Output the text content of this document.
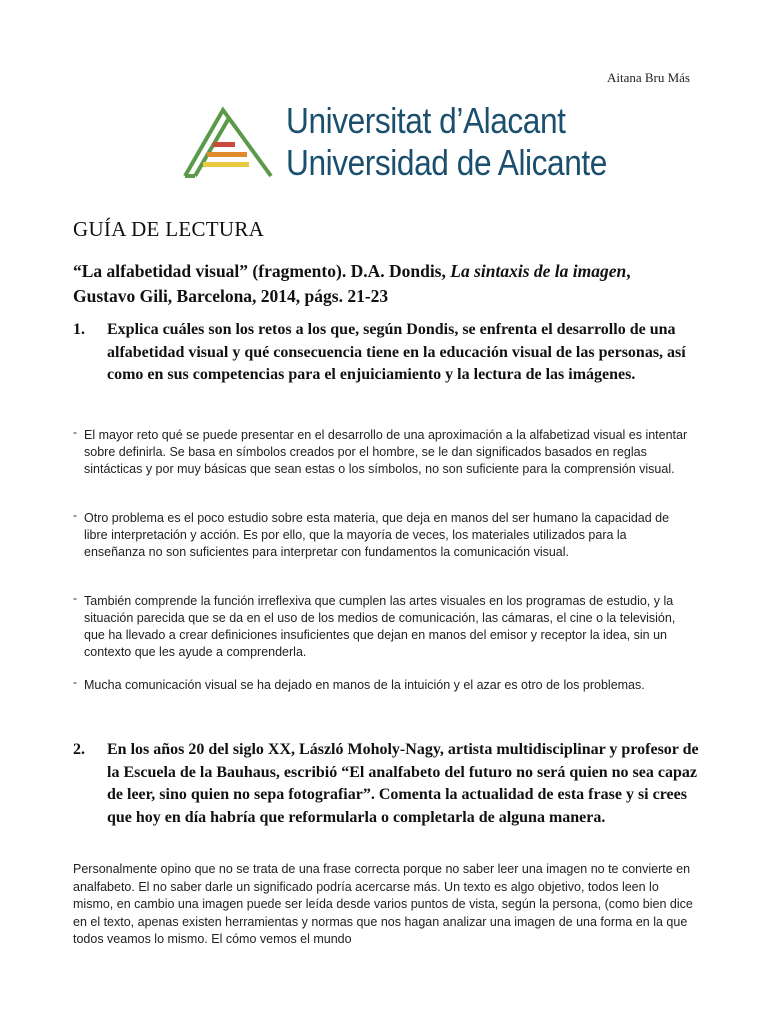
Aitana Bru Más
Universitat d’Alacant
Universidad de Alicante
GUÍA DE LECTURA
“La alfabetidad visual” (fragmento). D.A. Dondis, La sintaxis de la imagen, Gustavo Gili, Barcelona, 2014, págs. 21-23
1. Explica cuáles son los retos a los que, según Dondis, se enfrenta el desarrollo de una alfabetidad visual y qué consecuencia tiene en la educación visual de las personas, así como en sus competencias para el enjuiciamiento y la lectura de las imágenes.
- El mayor reto qué se puede presentar en el desarrollo de una aproximación a la alfabetizad visual es intentar sobre definirla. Se basa en símbolos creados por el hombre, se le dan significados basados en reglas sintácticas y por muy básicas que sean estas o los símbolos, no son suficiente para la comprensión visual.
- Otro problema es el poco estudio sobre esta materia, que deja en manos del ser humano la capacidad de libre interpretación y acción. Es por ello, que la mayoría de veces, los materiales utilizados para la enseñanza no son suficientes para interpretar con fundamentos la comunicación visual.
- También comprende la función irreflexiva que cumplen las artes visuales en los programas de estudio, y la situación parecida que se da en el uso de los medios de comunicación, las cámaras, el cine o la televisión, que ha llevado a crear definiciones insuficientes que dejan en manos del emisor y receptor la idea, sin un contexto que les ayude a comprenderla.
- Mucha comunicación visual se ha dejado en manos de la intuición y el azar es otro de los problemas.
2. En los años 20 del siglo XX, László Moholy-Nagy, artista multidisciplinar y profesor de la Escuela de la Bauhaus, escribió “El analfabeto del futuro no será quien no sea capaz de leer, sino quien no sepa fotografiar”. Comenta la actualidad de esta frase y si crees que hoy en día habría que reformularla o completarla de alguna manera.
Personalmente opino que no se trata de una frase correcta porque no saber leer una imagen no te convierte en analfabeto. El no saber darle un significado podría acercarse más. Un texto es algo objetivo, todos leen lo mismo, en cambio una imagen puede ser leída desde varios puntos de vista, según la persona, (como bien dice en el texto, apenas existen herramientas y normas que nos hagan analizar una imagen de una forma en la que todos veamos lo mismo. El cómo vemos el mundo
